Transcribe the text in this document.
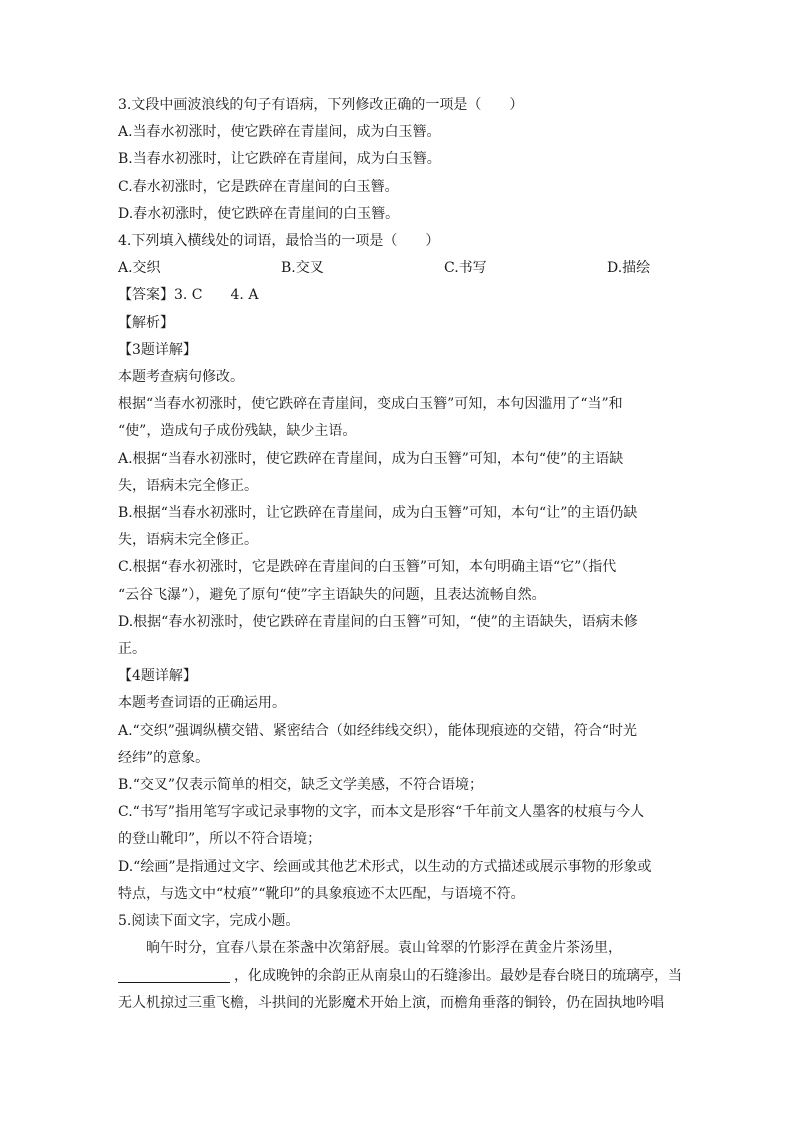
3.文段中画波浪线的句子有语病，下列修改正确的一项是（　　）
A.当春水初涨时，使它跌碎在青崖间，成为白玉簪。
B.当春水初涨时，让它跌碎在青崖间，成为白玉簪。
C.春水初涨时，它是跌碎在青崖间的白玉簪。
D.春水初涨时，使它跌碎在青崖间的白玉簪。
4.下列填入横线处的词语，最恰当的一项是（　　）
A.交织	B.交叉	C.书写	D.描绘
【答案】3. C　　4. A
【解析】
【3题详解】
本题考查病句修改。
根据“当春水初涨时，使它跌碎在青崖间，变成白玉簪”可知，本句因滥用了“当”和
“使”，造成句子成份残缺，缺少主语。
A.根据“当春水初涨时，使它跌碎在青崖间，成为白玉簪”可知，本句“使”的主语缺
失，语病未完全修正。
B.根据“当春水初涨时，让它跌碎在青崖间，成为白玉簪”可知，本句“让”的主语仍缺
失，语病未完全修正。
C.根据“春水初涨时，它是跌碎在青崖间的白玉簪”可知，本句明确主语“它”（指代
“云谷飞瀑”），避免了原句“使”字主语缺失的问题，且表达流畅自然。
D.根据“春水初涨时，使它跌碎在青崖间的白玉簪”可知，“使”的主语缺失，语病未修
正。
【4题详解】
本题考查词语的正确运用。
A.“交织”强调纵横交错、紧密结合（如经纬线交织），能体现痕迹的交错，符合“时光
经纬”的意象。
B.“交叉”仅表示简单的相交，缺乏文学美感，不符合语境；
C.“书写”指用笔写字或记录事物的文字，而本文是形容“千年前文人墨客的杖痕与今人
的登山靴印”，所以不符合语境；
D.“绘画”是指通过文字、绘画或其他艺术形式，以生动的方式描述或展示事物的形象或
特点，与选文中“杖痕”“靴印”的具象痕迹不太匹配，与语境不符。
5.阅读下面文字，完成小题。
晌午时分，宜春八景在茶盏中次第舒展。袁山耸翠的竹影浮在黄金片茶汤里，
，化成晚钟的余韵正从南泉山的石缝渗出。最妙是春台晓日的琉璃亭，当
无人机掠过三重飞檐，斗拱间的光影魔术开始上演，而檐角垂落的铜铃，仍在固执地吟唱
